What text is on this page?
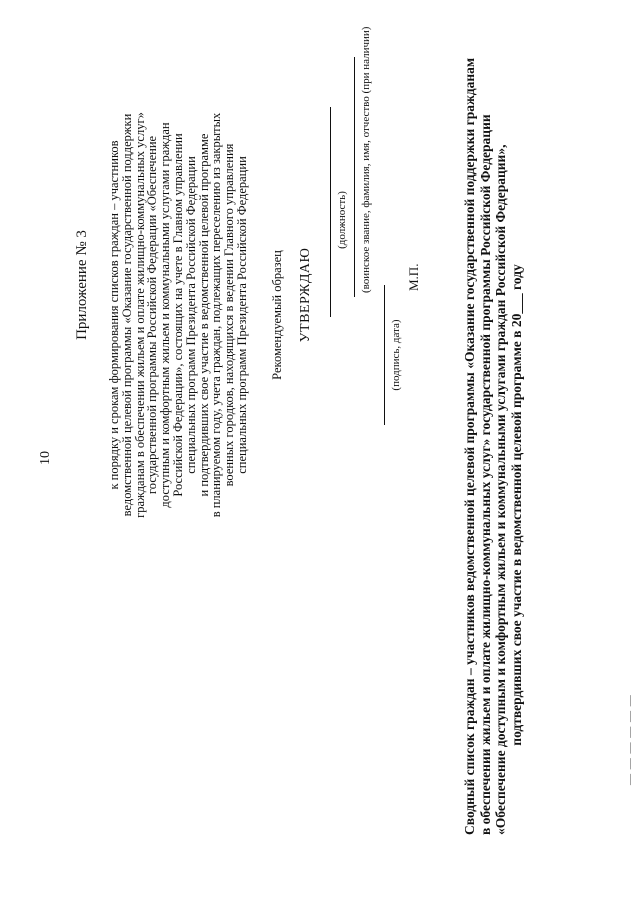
10
Приложение № 3 к порядку и срокам формирования списков граждан – участников
ведомственной целевой программы «Оказание государственной поддержки
гражданам в обеспечении жильем и оплате жилищно-коммунальных услуг»
государственной программы Российской Федерации «Обеспечение
доступным и комфортным жильем и коммунальными услугами граждан
Российской Федерации», состоящих на учете в Главном управлении
специальных программ Президента Российской Федерации
и подтвердивших свое участие в ведомственной целевой программе
в планируемом году, учета граждан, подлежащих переселению из закрытых
военных городков, находящихся в ведении Главного управления
специальных программ Президента Российской Федерации Рекомендуемый образец УТВЕРЖДАЮ
(должность) (воинское звание, фамилия, имя, отчество (при наличии)
(подпись, дата)
М.П.	Сводный список граждан – участников ведомственной целевой программы «Оказание государственной поддержки гражданам в обеспечении жильем и оплате жилищно-коммунальных услуг» государственной программы Российской Федерации «Обеспечение доступным и комфортным жильем и коммунальными услугами граждан Российской Федерации», подтвердивших свое участие в ведомственной целевой программе в 20___ году	— — — — — —
